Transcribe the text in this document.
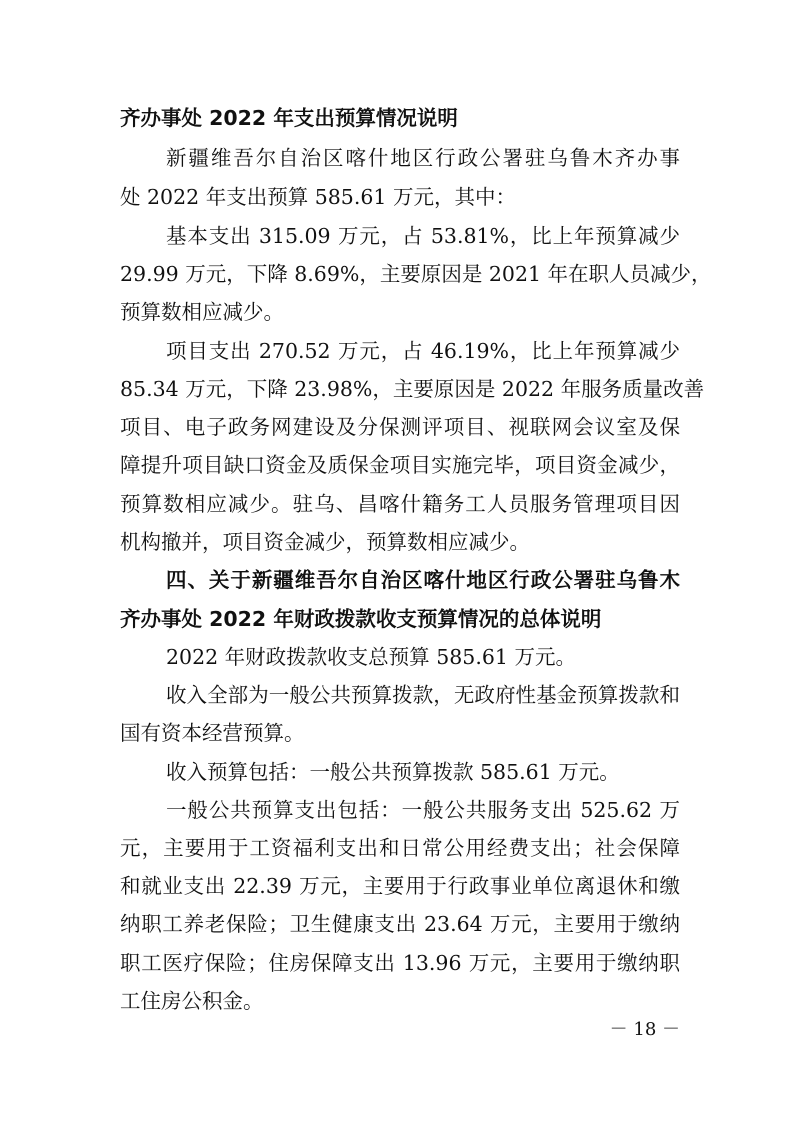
齐办事处 2022 年支出预算情况说明
新疆维吾尔自治区喀什地区行政公署驻乌鲁木齐办事
处 2022 年支出预算 585.61 万元，其中：
基本支出 315.09 万元，占 53.81%，比上年预算减少
29.99 万元，下降 8.69%，主要原因是 2021 年在职人员减少，
预算数相应减少。
项目支出 270.52 万元，占 46.19%，比上年预算减少
85.34 万元，下降 23.98%，主要原因是 2022 年服务质量改善
项目、电子政务网建设及分保测评项目、视联网会议室及保
障提升项目缺口资金及质保金项目实施完毕，项目资金减少，
预算数相应减少。驻乌、昌喀什籍务工人员服务管理项目因
机构撤并，项目资金减少，预算数相应减少。
四、关于新疆维吾尔自治区喀什地区行政公署驻乌鲁木
齐办事处 2022 年财政拨款收支预算情况的总体说明
2022 年财政拨款收支总预算 585.61 万元。
收入全部为一般公共预算拨款，无政府性基金预算拨款和
国有资本经营预算。
收入预算包括：一般公共预算拨款 585.61 万元。
一般公共预算支出包括：一般公共服务支出 525.62 万
元，主要用于工资福利支出和日常公用经费支出；社会保障
和就业支出 22.39 万元，主要用于行政事业单位离退休和缴
纳职工养老保险；卫生健康支出 23.64 万元，主要用于缴纳
职工医疗保险；住房保障支出 13.96 万元，主要用于缴纳职
工住房公积金。
－ 18 －
